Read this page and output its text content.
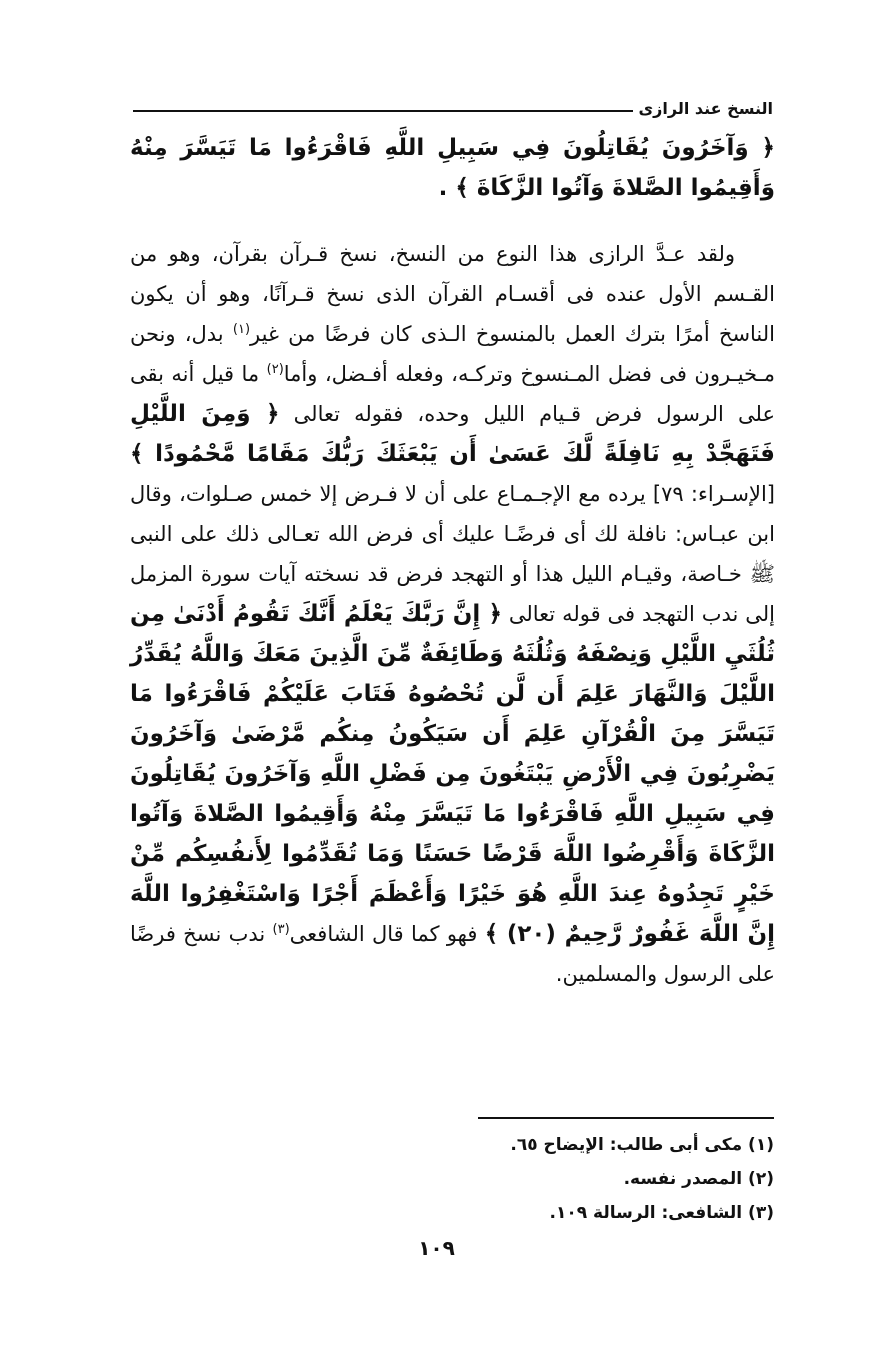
النسخ عند الرازى

﴿ وَآخَرُونَ يُقَاتِلُونَ فِي سَبِيلِ اللَّهِ فَاقْرَءُوا مَا تَيَسَّرَ مِنْهُ وَأَقِيمُوا الصَّلاةَ وَآتُوا الزَّكَاةَ ﴾ .

ولقد عـدَّ الرازى هذا النوع من النسخ، نسخ قـرآن بقرآن، وهو من القـسم الأول عنده فى أقسـام القرآن الذى نسخ قـرآنًا، وهو أن يكون الناسخ أمرًا بترك العمل بالمنسوخ الـذى كان فرضًا من غير$^{(١)}$ بدل، ونحن مـخيـرون فى فضل المـنسوخ وتركـه، وفعله أفـضل، وأما$^{(٢)}$ ما قيل أنه بقى على الرسول فرض قـيام الليل وحده، فقوله تعالى ﴿ وَمِنَ اللَّيْلِ فَتَهَجَّدْ بِهِ نَافِلَةً لَّكَ عَسَىٰ أَن يَبْعَثَكَ رَبُّكَ مَقَامًا مَّحْمُودًا ﴾ [الإسـراء: ٧٩] يرده مع الإجـمـاع على أن لا فـرض إلا خمس صـلوات، وقال ابن عبـاس: نافلة لك أى فرضًـا عليك أى فرض الله تعـالى ذلك على النبى ﷺ خـاصة، وقيـام الليل هذا أو التهجد فرض قد نسخته آيات سورة المزمل إلى ندب التهجد فى قوله تعالى ﴿ إِنَّ رَبَّكَ يَعْلَمُ أَنَّكَ تَقُومُ أَدْنَىٰ مِن ثُلُثَيِ اللَّيْلِ وَنِصْفَهُ وَثُلُثَهُ وَطَائِفَةٌ مِّنَ الَّذِينَ مَعَكَ وَاللَّهُ يُقَدِّرُ اللَّيْلَ وَالنَّهَارَ عَلِمَ أَن لَّن تُحْصُوهُ فَتَابَ عَلَيْكُمْ فَاقْرَءُوا مَا تَيَسَّرَ مِنَ الْقُرْآنِ عَلِمَ أَن سَيَكُونُ مِنكُم مَّرْضَىٰ وَآخَرُونَ يَضْرِبُونَ فِي الْأَرْضِ يَبْتَغُونَ مِن فَضْلِ اللَّهِ وَآخَرُونَ يُقَاتِلُونَ فِي سَبِيلِ اللَّهِ فَاقْرَءُوا مَا تَيَسَّرَ مِنْهُ وَأَقِيمُوا الصَّلاةَ وَآتُوا الزَّكَاةَ وَأَقْرِضُوا اللَّهَ قَرْضًا حَسَنًا وَمَا تُقَدِّمُوا لِأَنفُسِكُم مِّنْ خَيْرٍ تَجِدُوهُ عِندَ اللَّهِ هُوَ خَيْرًا وَأَعْظَمَ أَجْرًا وَاسْتَغْفِرُوا اللَّهَ إِنَّ اللَّهَ غَفُورٌ رَّحِيمٌ (٢٠) ﴾ فهو كما قال الشافعى$^{(٣)}$ ندب نسخ فرضًا على الرسول والمسلمين.

(١) مكى أبى طالب: الإيضاح ٦٥.
(٢) المصدر نفسه.
(٣) الشافعى: الرسالة ١٠٩.
١٠٩
